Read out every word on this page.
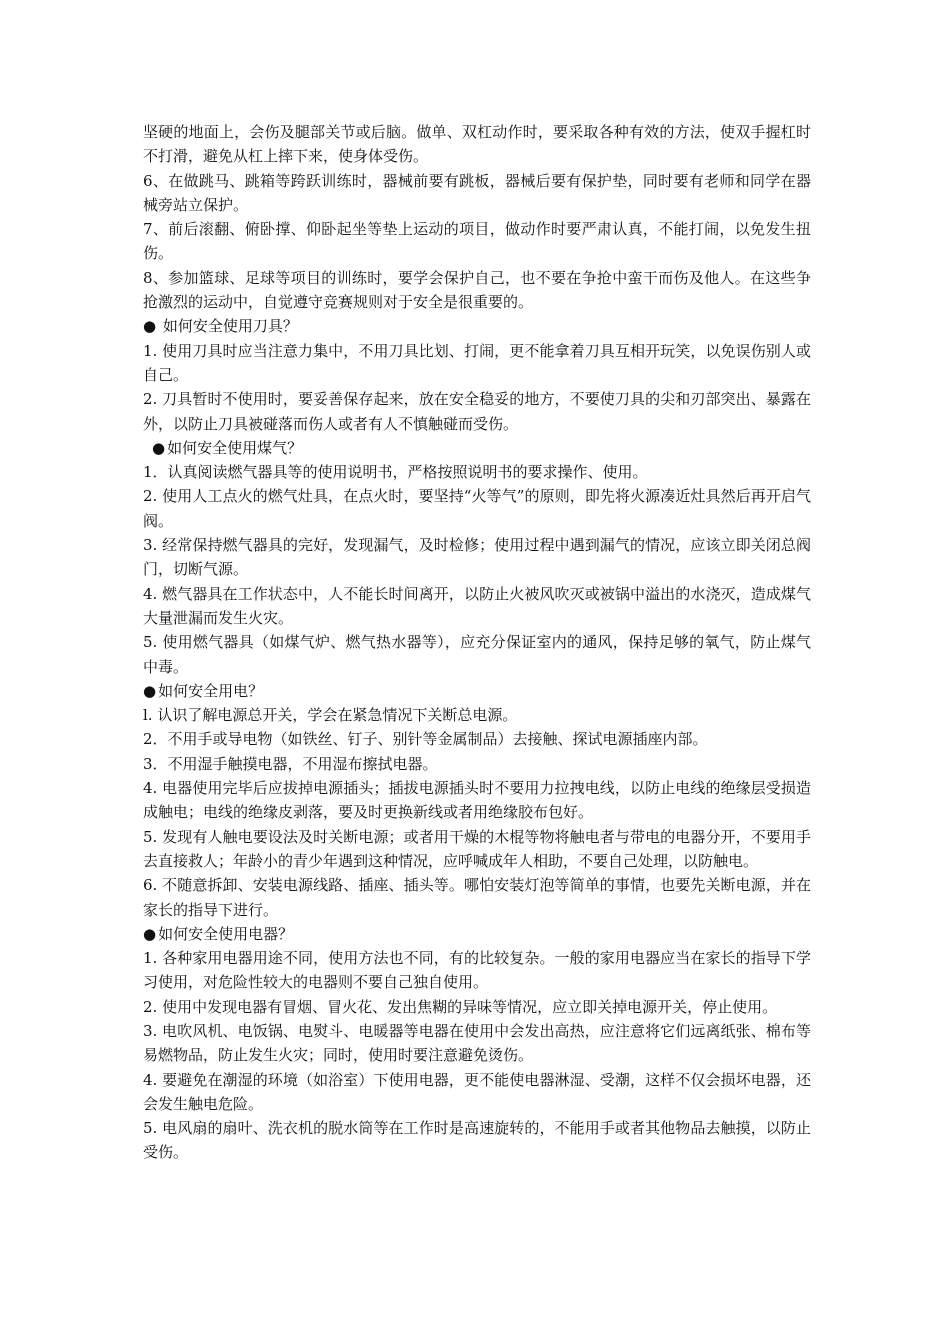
坚硬的地面上，会伤及腿部关节或后脑。做单、双杠动作时，要采取各种有效的方法，使双手握杠时不打滑，避免从杠上摔下来，使身体受伤。

6、在做跳马、跳箱等跨跃训练时，器械前要有跳板，器械后要有保护垫，同时要有老师和同学在器械旁站立保护。

7、前后滚翻、俯卧撑、仰卧起坐等垫上运动的项目，做动作时要严肃认真，不能打闹，以免发生扭伤。

8、参加篮球、足球等项目的训练时，要学会保护自己，也不要在争抢中蛮干而伤及他人。在这些争抢激烈的运动中，自觉遵守竞赛规则对于安全是很重要的。

● 如何安全使用刀具？

1. 使用刀具时应当注意力集中，不用刀具比划、打闹，更不能拿着刀具互相开玩笑，以免误伤别人或自己。

2. 刀具暂时不使用时，要妥善保存起来，放在安全稳妥的地方，不要使刀具的尖和刃部突出、暴露在外，以防止刀具被碰落而伤人或者有人不慎触碰而受伤。

● 如何安全使用煤气？

1．认真阅读燃气器具等的使用说明书，严格按照说明书的要求操作、使用。

2. 使用人工点火的燃气灶具，在点火时，要坚持“火等气”的原则，即先将火源凑近灶具然后再开启气阀。

3. 经常保持燃气器具的完好，发现漏气，及时检修；使用过程中遇到漏气的情况，应该立即关闭总阀门，切断气源。

4. 燃气器具在工作状态中，人不能长时间离开，以防止火被风吹灭或被锅中溢出的水浇灭，造成煤气大量泄漏而发生火灾。

5. 使用燃气器具（如煤气炉、燃气热水器等），应充分保证室内的通风，保持足够的氧气，防止煤气中毒。

● 如何安全用电？

l. 认识了解电源总开关，学会在紧急情况下关断总电源。

2．不用手或导电物（如铁丝、钉子、别针等金属制品）去接触、探试电源插座内部。

3．不用湿手触摸电器，不用湿布擦拭电器。

4. 电器使用完毕后应拔掉电源插头；插拔电源插头时不要用力拉拽电线，以防止电线的绝缘层受损造成触电；电线的绝缘皮剥落，要及时更换新线或者用绝缘胶布包好。

5. 发现有人触电要设法及时关断电源；或者用干燥的木棍等物将触电者与带电的电器分开，不要用手去直接救人；年龄小的青少年遇到这种情况，应呼喊成年人相助，不要自己处理，以防触电。

6. 不随意拆卸、安装电源线路、插座、插头等。哪怕安装灯泡等简单的事情，也要先关断电源，并在家长的指导下进行。

● 如何安全使用电器？

1. 各种家用电器用途不同，使用方法也不同，有的比较复杂。一般的家用电器应当在家长的指导下学习使用，对危险性较大的电器则不要自己独自使用。

2. 使用中发现电器有冒烟、冒火花、发出焦糊的异味等情况，应立即关掉电源开关，停止使用。

3. 电吹风机、电饭锅、电熨斗、电暖器等电器在使用中会发出高热，应注意将它们远离纸张、棉布等易燃物品，防止发生火灾；同时，使用时要注意避免烫伤。

4. 要避免在潮湿的环境（如浴室）下使用电器，更不能使电器淋湿、受潮，这样不仅会损坏电器，还会发生触电危险。

5. 电风扇的扇叶、洗衣机的脱水筒等在工作时是高速旋转的，不能用手或者其他物品去触摸，以防止受伤。
